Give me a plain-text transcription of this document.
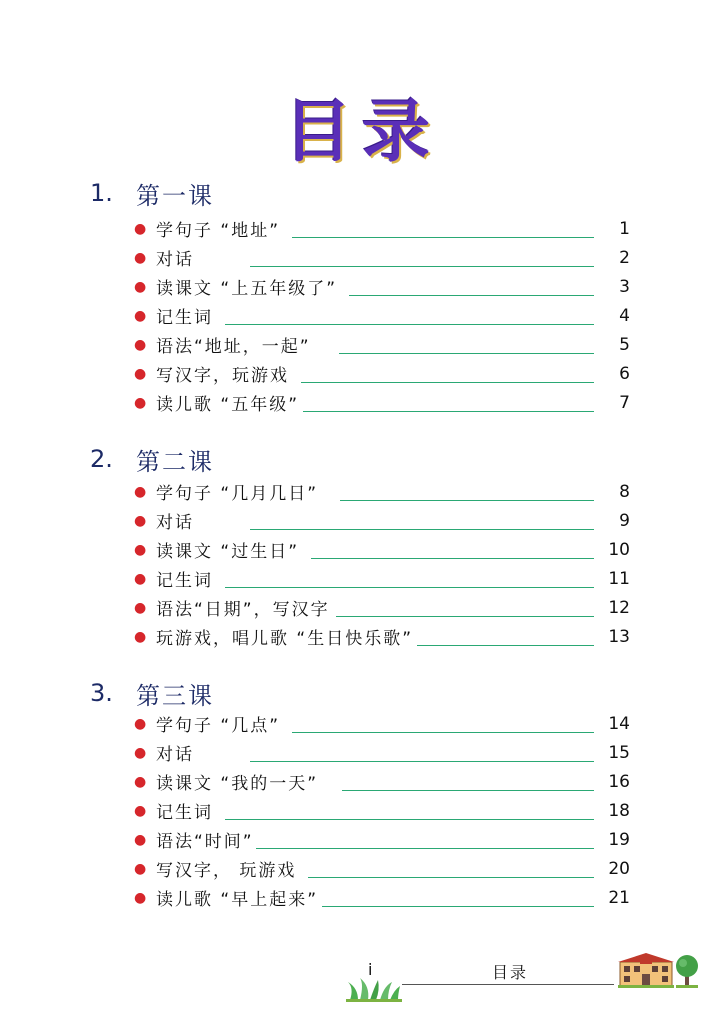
目录
1. 第一课
● 学句子 “地址”	1
● 对话	2
● 读课文 “上五年级了”	3
● 记生词	4
● 语法“地址，一起”	5
● 写汉字，玩游戏	6
● 读儿歌 “五年级”	7
2. 第二课
● 学句子 “几月几日”	8
● 对话	9
● 读课文 “过生日”	10
● 记生词	11
● 语法“日期”，写汉字	12
● 玩游戏，唱儿歌 “生日快乐歌”	13
3. 第三课
● 学句子 “几点”	14
● 对话	15
● 读课文 “我的一天”	16
● 记生词	18
● 语法“时间”	19
● 写汉字， 玩游戏	20
● 读儿歌 “早上起来”	21
i	目录
